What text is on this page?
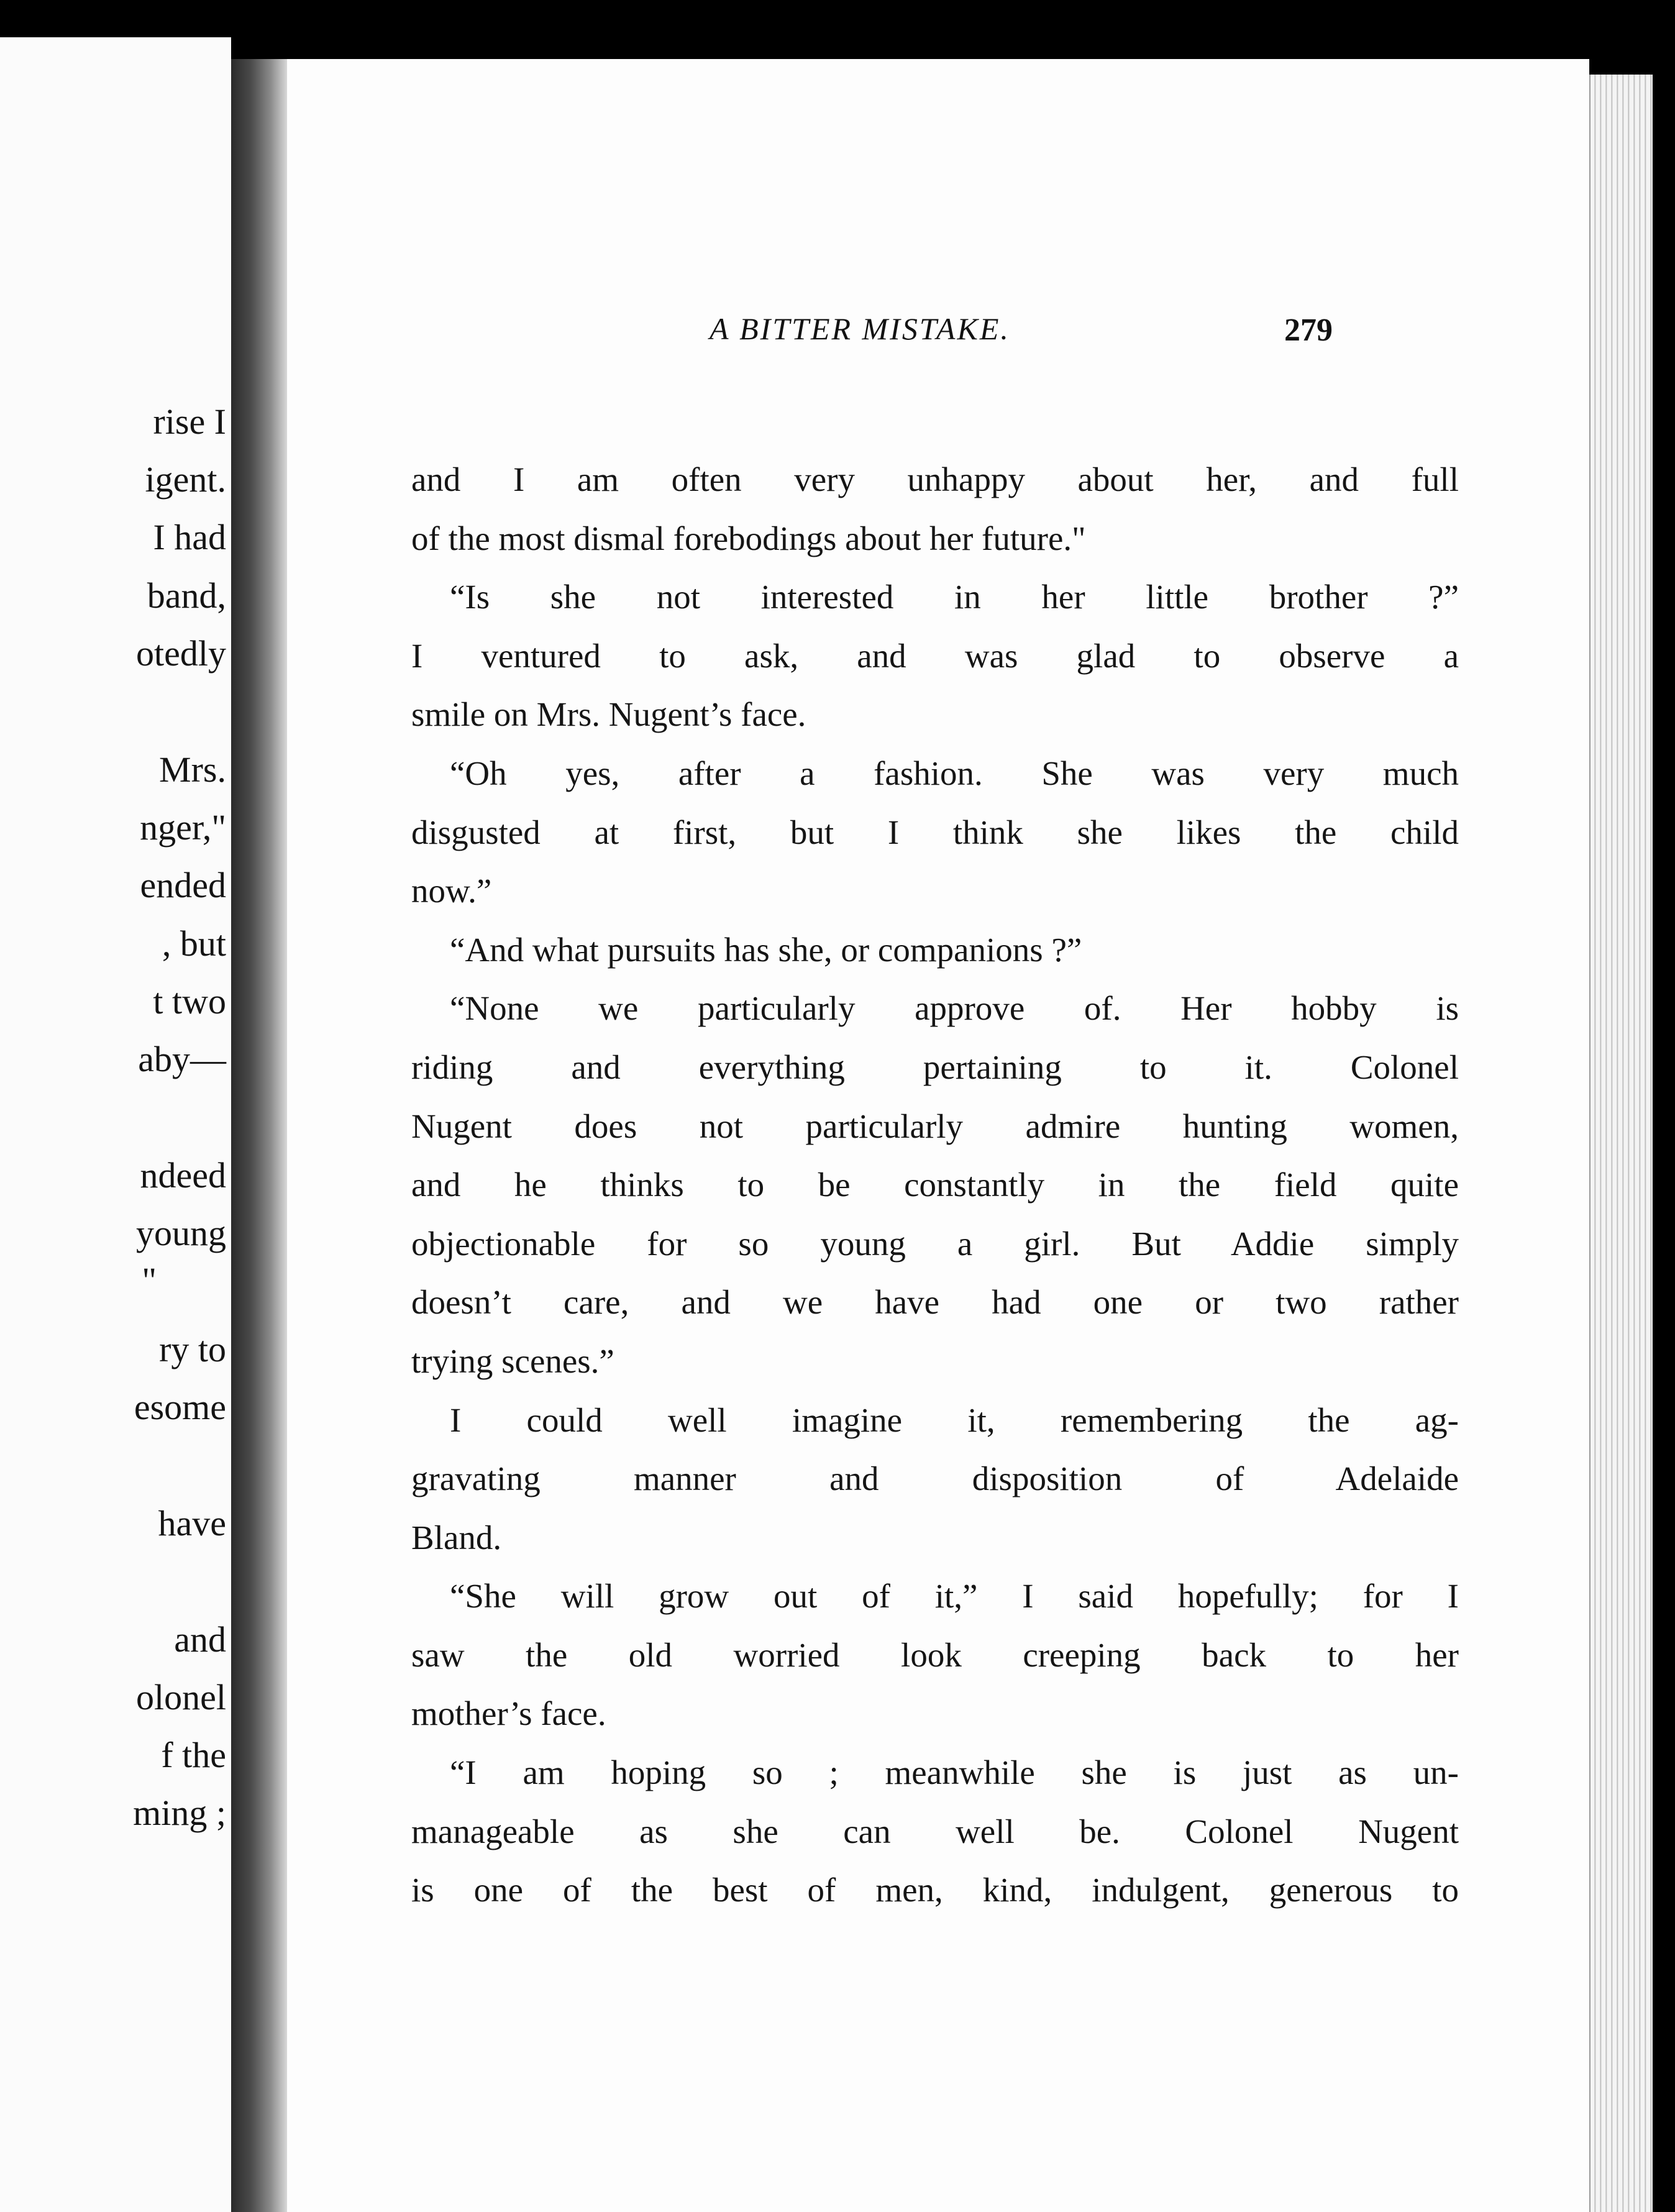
rise I
igent.
I had
band,
otedly
Mrs.
nger,"
ended
, but
t two
aby—
ndeed
young
"
ry to
esome
have
and
olonel
f the
ming ;
A BITTER MISTAKE.	279
and I am often very unhappy about her, and full
of the most dismal forebodings about her future."
“Is she not interested in her little brother ?”
I ventured to ask, and was glad to observe a
smile on Mrs. Nugent’s face.
“Oh yes, after a fashion. She was very much
disgusted at first, but I think she likes the child
now.”
“And what pursuits has she, or companions ?”
“None we particularly approve of. Her hobby is
riding and everything pertaining to it. Colonel
Nugent does not particularly admire hunting women,
and he thinks to be constantly in the field quite
objectionable for so young a girl. But Addie simply
doesn’t care, and we have had one or two rather
trying scenes.”
I could well imagine it, remembering the ag-
gravating manner and disposition of Adelaide
Bland.
“She will grow out of it,” I said hopefully; for I
saw the old worried look creeping back to her
mother’s face.
“I am hoping so ; meanwhile she is just as un-
manageable as she can well be. Colonel Nugent
is one of the best of men, kind, indulgent, generous to
